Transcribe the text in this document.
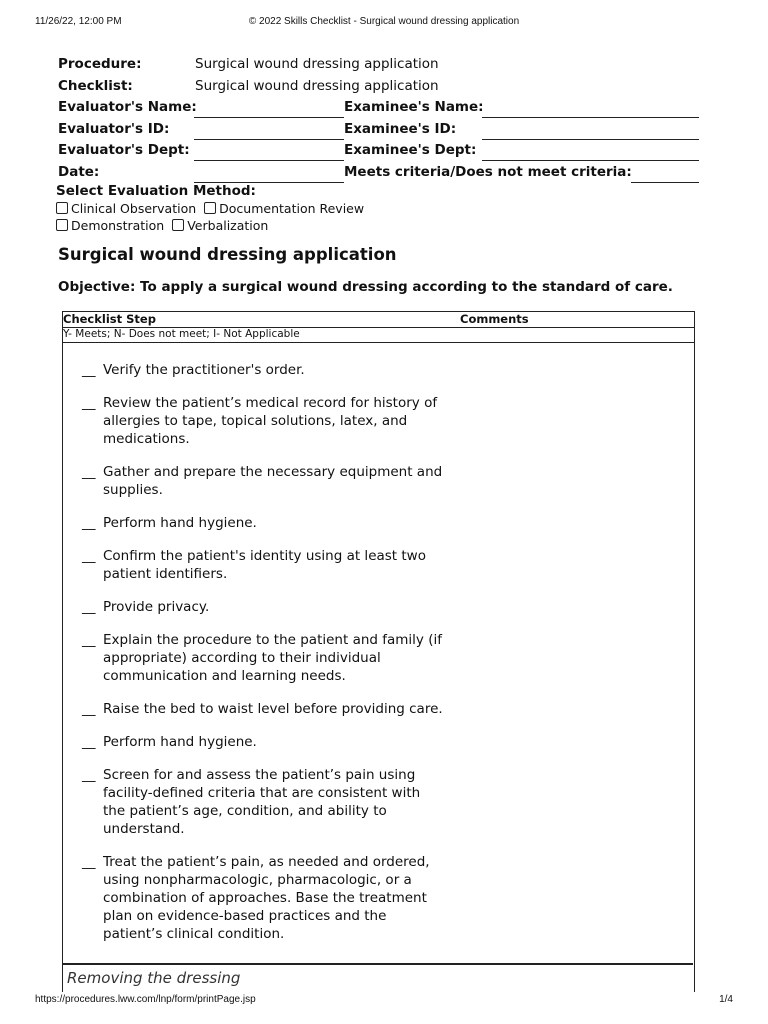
11/26/22, 12:00 PM	© 2022 Skills Checklist - Surgical wound dressing application
Procedure:	Surgical wound dressing application
Checklist:	Surgical wound dressing application
Evaluator's Name:	Examinee's Name:
Evaluator's ID:	Examinee's ID:
Evaluator's Dept:	Examinee's Dept:
Date:	Meets criteria/Does not meet criteria:
Select Evaluation Method:
Clinical Observation Documentation Review
Demonstration Verbalization
Surgical wound dressing application
Objective: To apply a surgical wound dressing according to the standard of care.
Checklist Step	Comments
Y- Meets; N- Does not meet; I- Not Applicable
__ Verify the practitioner's order.
__ Review the patient’s medical record for history of
allergies to tape, topical solutions, latex, and
medications.
__ Gather and prepare the necessary equipment and
supplies.
__ Perform hand hygiene.
__ Confirm the patient's identity using at least two
patient identifiers.
__ Provide privacy.
__ Explain the procedure to the patient and family (if
appropriate) according to their individual
communication and learning needs.
__ Raise the bed to waist level before providing care.
__ Perform hand hygiene.
__ Screen for and assess the patient’s pain using
facility-defined criteria that are consistent with
the patient’s age, condition, and ability to
understand.
__ Treat the patient’s pain, as needed and ordered,
using nonpharmacologic, pharmacologic, or a
combination of approaches. Base the treatment
plan on evidence-based practices and the
patient’s clinical condition.
Removing the dressing
https://procedures.lww.com/lnp/form/printPage.jsp	1/4
